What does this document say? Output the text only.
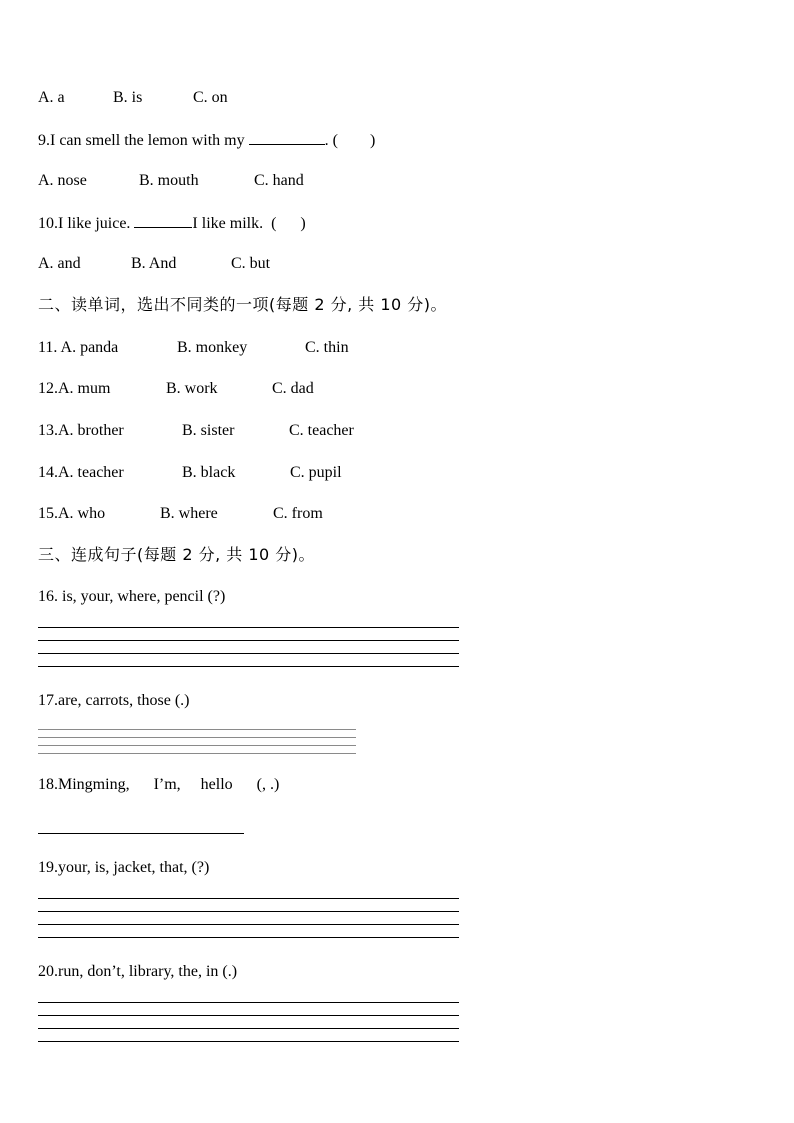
A. a	B. is	C. on
9.I can smell the lemon with my	. (        )
A. nose	B. mouth	C. hand
10.I like juice.	I like milk.  (      )
A. and	B. And	C. but
二、读单词，选出不同类的一项(每题 2 分, 共 10 分)。
11. A. panda	B. monkey	C. thin
12.A. mum	B. work	C. dad
13.A. brother	B. sister	C. teacher
14.A. teacher	B. black	C. pupil
15.A. who	B. where	C. from
三、连成句子(每题 2 分, 共 10 分)。
16. is, your, where, pencil (?)
17.are, carrots, those (.)
18.Mingming,      I’m,     hello      (, .)
19.your, is, jacket, that, (?)
20.run, don’t, library, the, in (.)
